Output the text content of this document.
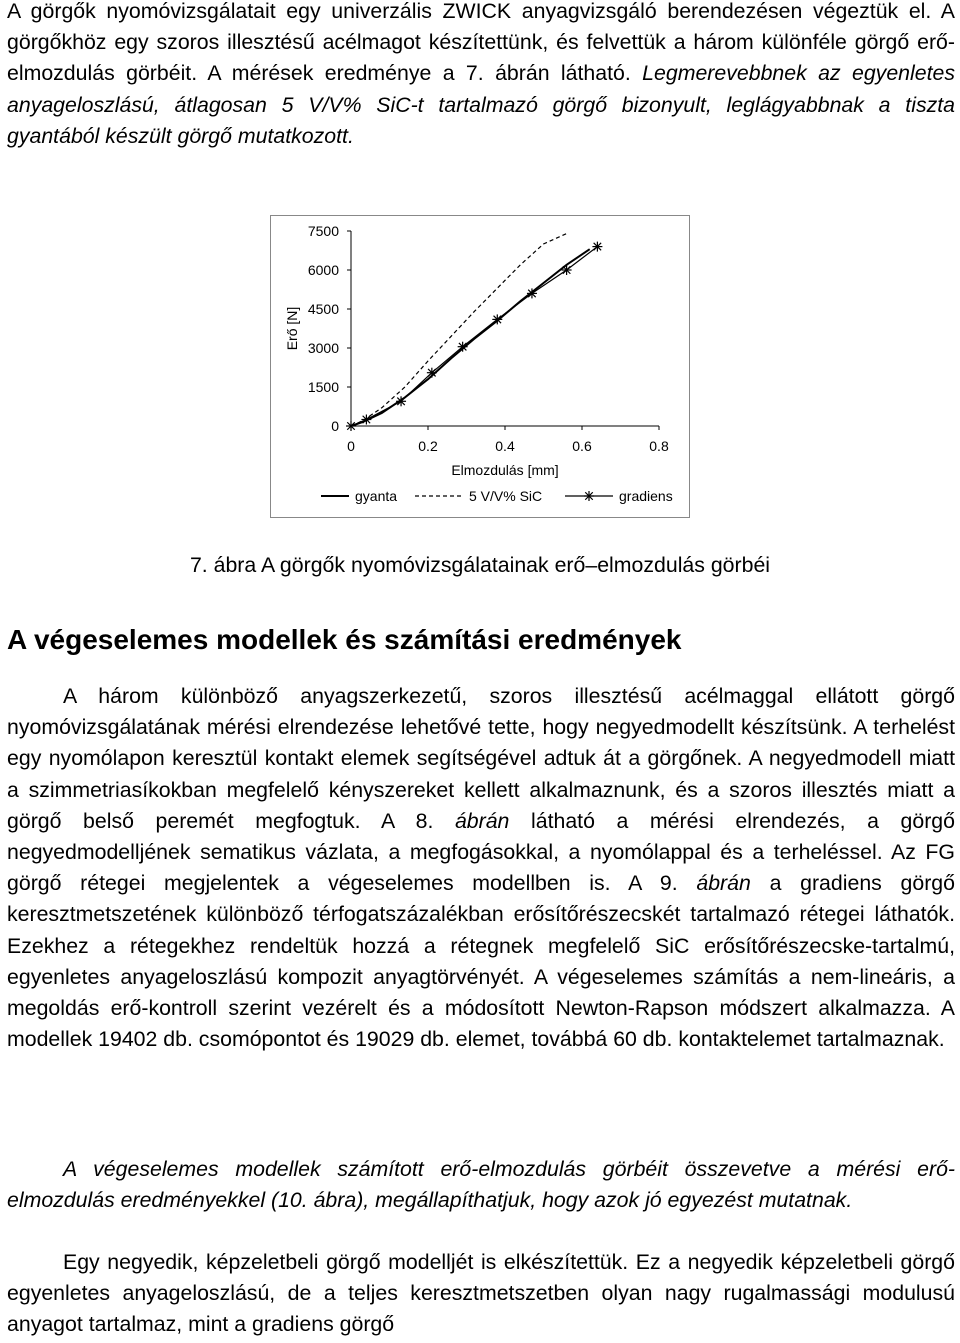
A görgők nyomóvizsgálatait egy univerzális ZWICK anyagvizsgáló berendezésen végeztük el. A görgőkhöz egy szoros illesztésű acélmagot készítettünk, és felvettük a három különféle görgő erő-elmozdulás görbéit. A mérések eredménye a 7. ábrán látható. Legmerevebbnek az egyenletes anyageloszlású, átlagosan 5 V/V% SiC-t tartalmazó görgő bizonyult, leglágyabbnak a tiszta gyantából készült görgő mutatkozott.
0
1500
3000
4500
6000
7500
0	0.2	0.4	0.6	0.8
Elmozdulás [mm]
Erő [N]
gyanta	5 V/V% SiC	gradiens
7. ábra A görgők nyomóvizsgálatainak erő–elmozdulás görbéi
A végeselemes modellek és számítási eredmények
A három különböző anyagszerkezetű, szoros illesztésű acélmaggal ellátott görgő nyomóvizsgálatának mérési elrendezése lehetővé tette, hogy negyedmodellt készítsünk. A terhelést egy nyomólapon keresztül kontakt elemek segítségével adtuk át a görgőnek. A negyedmodell miatt a szimmetriasíkokban megfelelő kényszereket kellett alkalmaznunk, és a szoros illesztés miatt a görgő belső peremét megfogtuk. A 8. ábrán látható a mérési elrendezés, a görgő negyedmodelljének sematikus vázlata, a megfogásokkal, a nyomólappal és a terheléssel. Az FG görgő rétegei megjelentek a végeselemes modellben is. A 9. ábrán a gradiens görgő keresztmetszetének különböző térfogatszázalékban erősítőrészecskét tartalmazó rétegei láthatók. Ezekhez a rétegekhez rendeltük hozzá a rétegnek megfelelő SiC erősítőrészecske-tartalmú, egyenletes anyageloszlású kompozit anyagtörvényét. A végeselemes számítás a nem-lineáris, a megoldás erő-kontroll szerint vezérelt és a módosított Newton-Rapson módszert alkalmazza. A modellek 19402 db. csomópontot és 19029 db. elemet, továbbá 60 db. kontaktelemet tartalmaznak.
A végeselemes modellek számított erő-elmozdulás görbéit összevetve a mérési erő-elmozdulás eredményekkel (10. ábra), megállapíthatjuk, hogy azok jó egyezést mutatnak.
Egy negyedik, képzeletbeli görgő modelljét is elkészítettük. Ez a negyedik képzeletbeli görgő egyenletes anyageloszlású, de a teljes keresztmetszetben olyan nagy rugalmassági modulusú anyagot tartalmaz, mint a gradiens görgő
